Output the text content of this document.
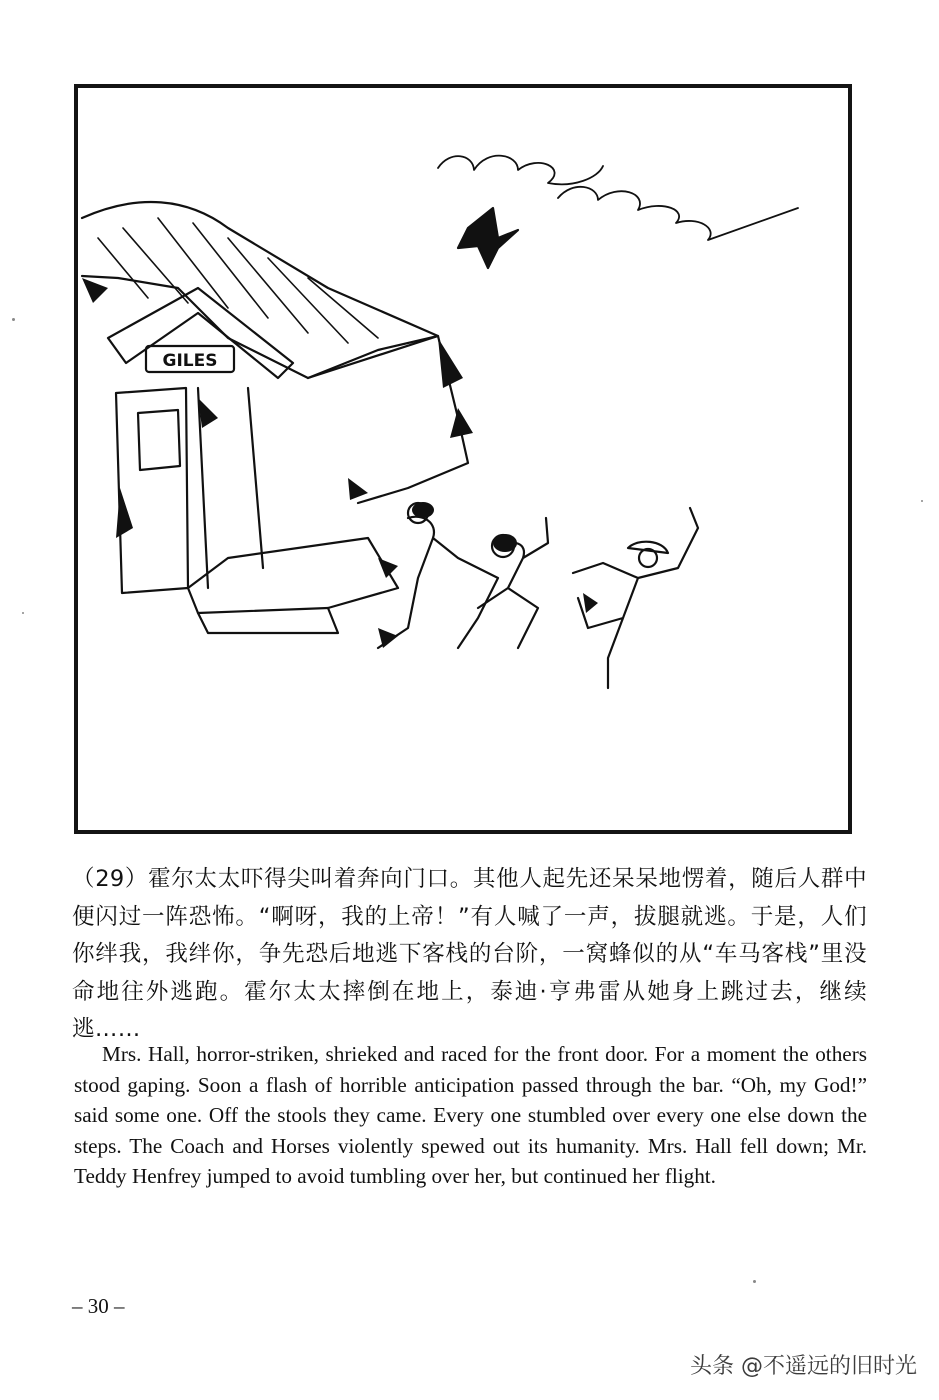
GILES

（29）霍尔太太吓得尖叫着奔向门口。其他人起先还呆呆地愣着，随后人群中便闪过一阵恐怖。“啊呀，我的上帝！”有人喊了一声，拔腿就逃。于是，人们你绊我，我绊你，争先恐后地逃下客栈的台阶，一窝蜂似的从“车马客栈”里没命地往外逃跑。霍尔太太摔倒在地上，泰迪·亨弗雷从她身上跳过去，继续逃……

Mrs. Hall, horror-striken, shrieked and raced for the front door. For a moment the others stood gaping. Soon a flash of horrible anticipation passed through the bar. “Oh, my God!” said some one. Off the stools they came. Every one stumbled over every one else down the steps. The Coach and Horses violently spewed out its humanity. Mrs. Hall fell down; Mr. Teddy Henfrey jumped to avoid tumbling over her, but continued her flight.

– 30 –
头条 @不遥远的旧时光
